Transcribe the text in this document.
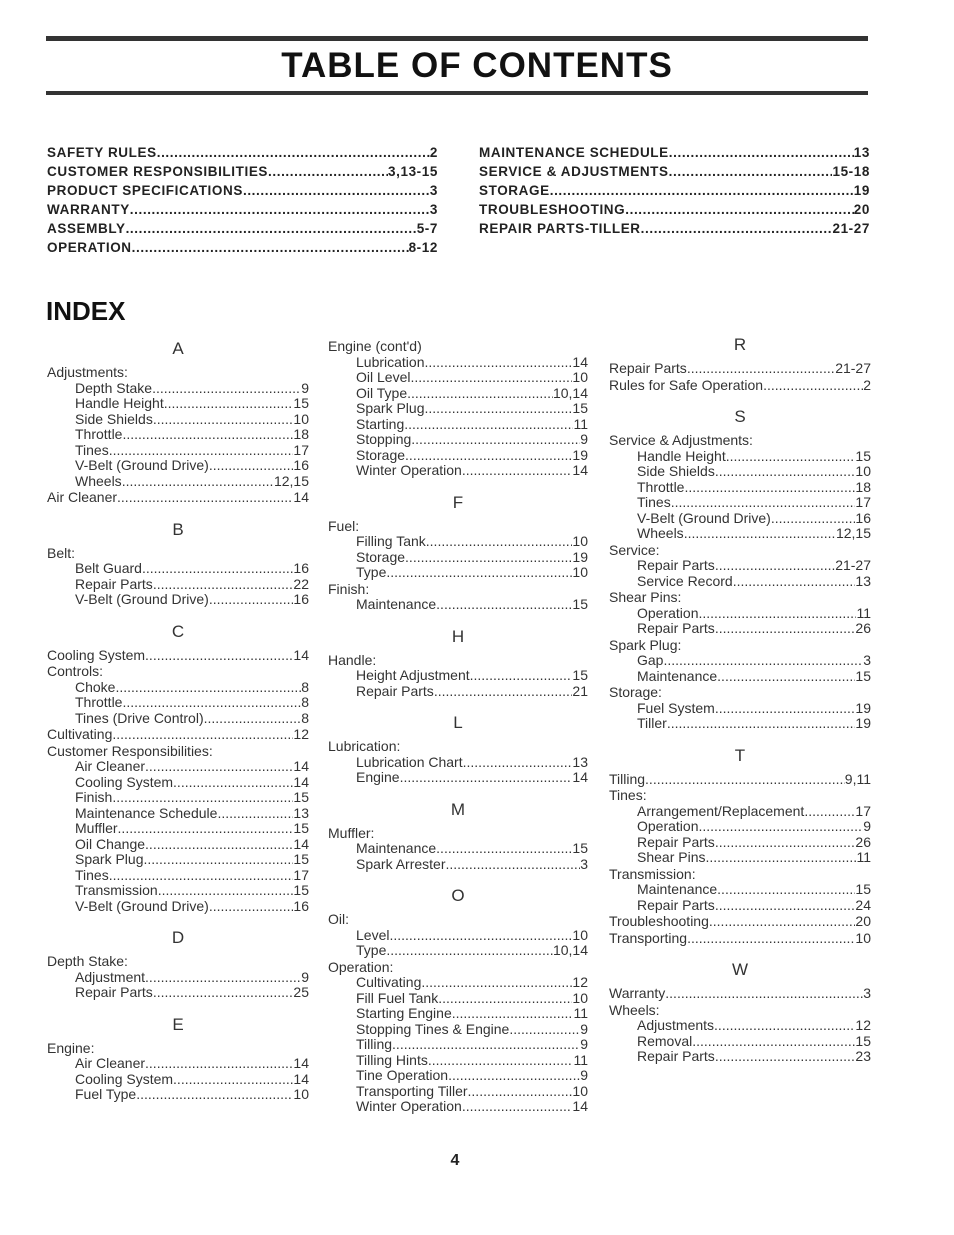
TABLE OF CONTENTS
SAFETY RULES .....	2
CUSTOMER RESPONSIBILITIES .....	3,13-15
PRODUCT SPECIFICATIONS .....	3
WARRANTY .....	3
ASSEMBLY .....	5-7
OPERATION .....	8-12
MAINTENANCE SCHEDULE .....	13
SERVICE & ADJUSTMENTS .....	15-18
STORAGE .....	19
TROUBLESHOOTING .....	20
REPAIR PARTS-TILLER .....	21-27
INDEX
A
Adjustments:
Depth Stake .....	9
Handle Height .....	15
Side Shields .....	10
Throttle .....	18
Tines .....	17
V-Belt (Ground Drive) .....	16
Wheels .....	12,15
Air Cleaner .....	14
B
Belt:
Belt Guard .....	16
Repair Parts .....	22
V-Belt (Ground Drive) .....	16
C
Cooling System .....	14
Controls:
Choke .....	8
Throttle .....	8
Tines (Drive Control) .....	8
Cultivating .....	12
Customer Responsibilities:
Air Cleaner .....	14
Cooling System .....	14
Finish .....	15
Maintenance Schedule .....	13
Muffler .....	15
Oil Change .....	14
Spark Plug .....	15
Tines .....	17
Transmission .....	15
V-Belt (Ground Drive) .....	16
D
Depth Stake:
Adjustment .....	9
Repair Parts .....	25
E
Engine:
Air Cleaner .....	14
Cooling System .....	14
Fuel Type .....	10
Engine (cont'd)
Lubrication .....	14
Oil Level .....	10
Oil Type .....	10,14
Spark Plug .....	15
Starting .....	11
Stopping .....	9
Storage .....	19
Winter Operation .....	14
F
Fuel:
Filling Tank .....	10
Storage .....	19
Type .....	10
Finish:
Maintenance .....	15
H
Handle:
Height Adjustment .....	15
Repair Parts .....	21
L
Lubrication:
Lubrication Chart .....	13
Engine .....	14
M
Muffler:
Maintenance .....	15
Spark Arrester .....	3
O
Oil:
Level .....	10
Type .....	10,14
Operation:
Cultivating .....	12
Fill Fuel Tank .....	10
Starting Engine .....	11
Stopping Tines & Engine .....	9
Tilling .....	9
Tilling Hints .....	11
Tine Operation .....	9
Transporting Tiller .....	10
Winter Operation .....	14
R
Repair Parts .....	21-27
Rules for Safe Operation .....	2
S
Service & Adjustments:
Handle Height .....	15
Side Shields .....	10
Throttle .....	18
Tines .....	17
V-Belt (Ground Drive) .....	16
Wheels .....	12,15
Service:
Repair Parts .....	21-27
Service Record .....	13
Shear Pins:
Operation .....	11
Repair Parts .....	26
Spark Plug:
Gap .....	3
Maintenance .....	15
Storage:
Fuel System .....	19
Tiller .....	19
T
Tilling .....	9,11
Tines:
Arrangement/Replacement .....	17
Operation .....	9
Repair Parts .....	26
Shear Pins .....	11
Transmission:
Maintenance .....	15
Repair Parts .....	24
Troubleshooting .....	20
Transporting .....	10
W
Warranty .....	3
Wheels:
Adjustments .....	12
Removal .....	15
Repair Parts .....	23
4
